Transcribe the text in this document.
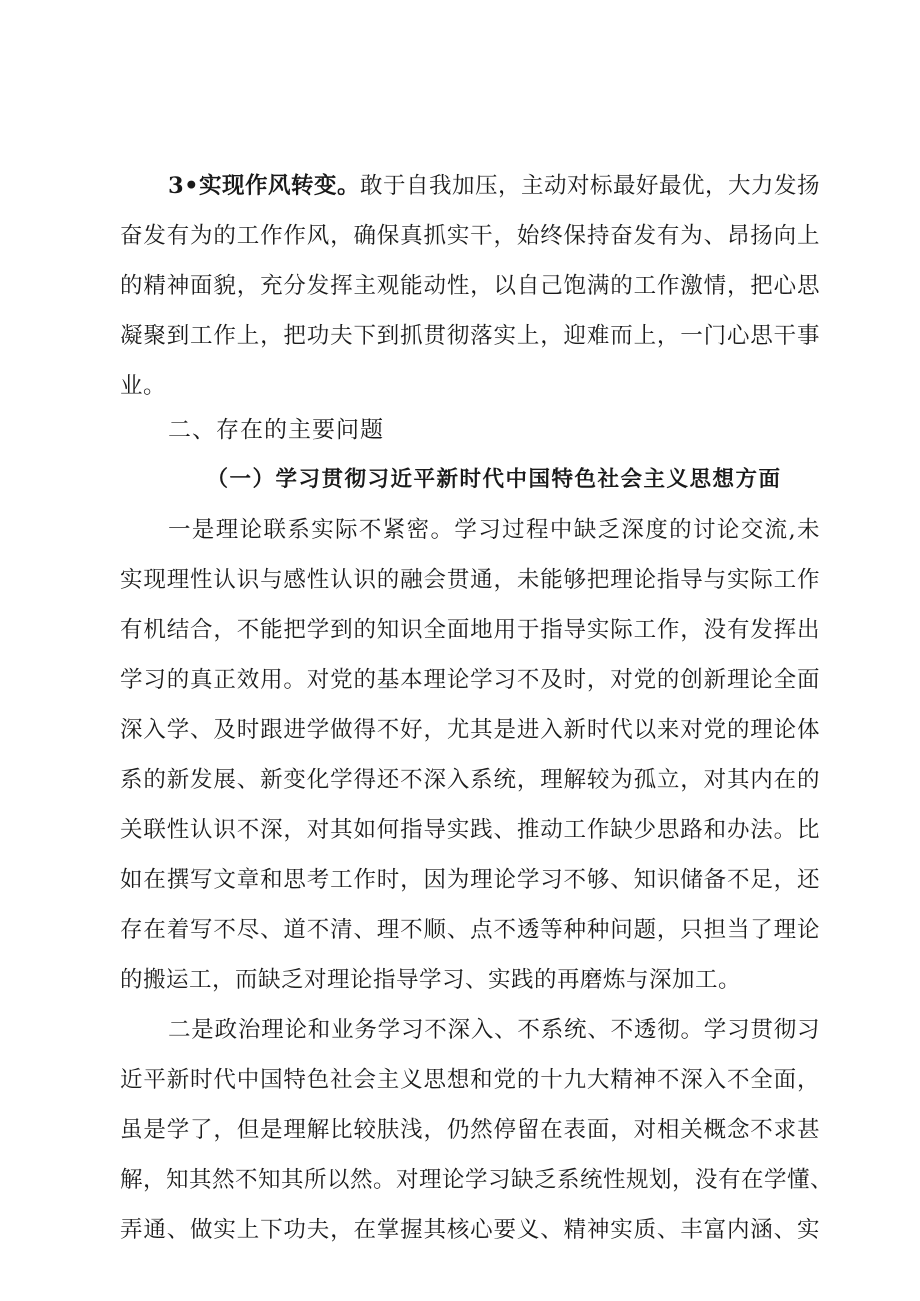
3•实现作风转变。敢于自我加压，主动对标最好最优，大力发扬
奋发有为的工作作风，确保真抓实干，始终保持奋发有为、昂扬向上
的精神面貌，充分发挥主观能动性，以自己饱满的工作激情，把心思
凝聚到工作上，把功夫下到抓贯彻落实上，迎难而上，一门心思干事
业。
二、存在的主要问题
（一）学习贯彻习近平新时代中国特色社会主义思想方面
一是理论联系实际不紧密。学习过程中缺乏深度的讨论交流,未
实现理性认识与感性认识的融会贯通，未能够把理论指导与实际工作
有机结合，不能把学到的知识全面地用于指导实际工作，没有发挥出
学习的真正效用。对党的基本理论学习不及时，对党的创新理论全面
深入学、及时跟进学做得不好，尤其是进入新时代以来对党的理论体
系的新发展、新变化学得还不深入系统，理解较为孤立，对其内在的
关联性认识不深，对其如何指导实践、推动工作缺少思路和办法。比
如在撰写文章和思考工作时，因为理论学习不够、知识储备不足，还
存在着写不尽、道不清、理不顺、点不透等种种问题，只担当了理论
的搬运工，而缺乏对理论指导学习、实践的再磨炼与深加工。
二是政治理论和业务学习不深入、不系统、不透彻。学习贯彻习
近平新时代中国特色社会主义思想和党的十九大精神不深入不全面，
虽是学了，但是理解比较肤浅，仍然停留在表面，对相关概念不求甚
解，知其然不知其所以然。对理论学习缺乏系统性规划，没有在学懂、
弄通、做实上下功夫，在掌握其核心要义、精神实质、丰富内涵、实
